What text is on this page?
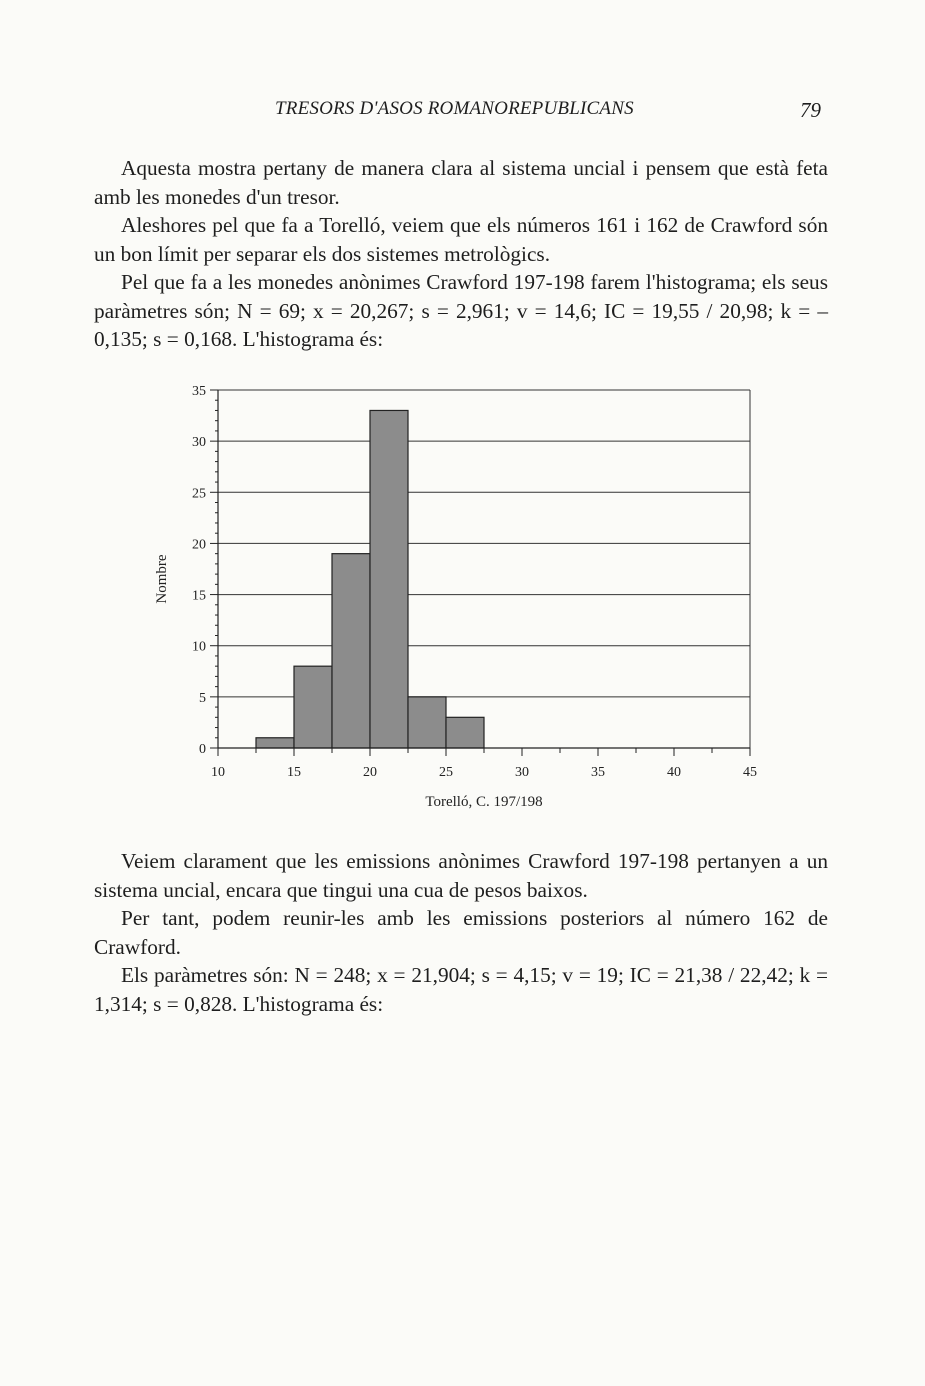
TRESORS D'ASOS ROMANOREPUBLICANS	79

Aquesta mostra pertany de manera clara al sistema uncial i pensem que està feta amb les monedes d'un tresor.

Aleshores pel que fa a Torelló, veiem que els números 161 i 162 de Crawford són un bon límit per separar els dos sistemes metrològics.

Pel que fa a les monedes anònimes Crawford 197-198 farem l'histograma; els seus paràmetres són; N = 69; x = 20,267; s = 2,961; v = 14,6; IC = 19,55 / 20,98; k = –0,135; s = 0,168. L'histograma és:

0
5
10
15
20
25
30
35
10	15	20	25	30	35	40	45
Torelló, C. 197/198
Nombre

Veiem clarament que les emissions anònimes Crawford 197-198 pertanyen a un sistema uncial, encara que tingui una cua de pesos baixos.

Per tant, podem reunir-les amb les emissions posteriors al número 162 de Crawford.

Els paràmetres són: N = 248; x = 21,904; s = 4,15; v = 19; IC = 21,38 / 22,42; k = 1,314; s = 0,828. L'histograma és:
